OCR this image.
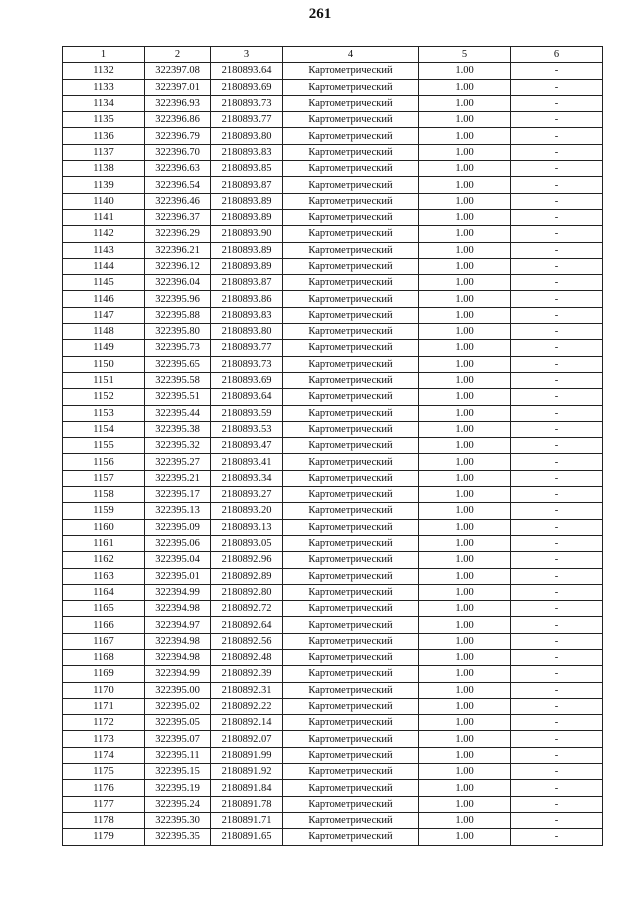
261
1	2	3	4	5	6
1132	322397.08	2180893.64	Картометрический	1.00	-
1133	322397.01	2180893.69	Картометрический	1.00	-
1134	322396.93	2180893.73	Картометрический	1.00	-
1135	322396.86	2180893.77	Картометрический	1.00	-
1136	322396.79	2180893.80	Картометрический	1.00	-
1137	322396.70	2180893.83	Картометрический	1.00	-
1138	322396.63	2180893.85	Картометрический	1.00	-
1139	322396.54	2180893.87	Картометрический	1.00	-
1140	322396.46	2180893.89	Картометрический	1.00	-
1141	322396.37	2180893.89	Картометрический	1.00	-
1142	322396.29	2180893.90	Картометрический	1.00	-
1143	322396.21	2180893.89	Картометрический	1.00	-
1144	322396.12	2180893.89	Картометрический	1.00	-
1145	322396.04	2180893.87	Картометрический	1.00	-
1146	322395.96	2180893.86	Картометрический	1.00	-
1147	322395.88	2180893.83	Картометрический	1.00	-
1148	322395.80	2180893.80	Картометрический	1.00	-
1149	322395.73	2180893.77	Картометрический	1.00	-
1150	322395.65	2180893.73	Картометрический	1.00	-
1151	322395.58	2180893.69	Картометрический	1.00	-
1152	322395.51	2180893.64	Картометрический	1.00	-
1153	322395.44	2180893.59	Картометрический	1.00	-
1154	322395.38	2180893.53	Картометрический	1.00	-
1155	322395.32	2180893.47	Картометрический	1.00	-
1156	322395.27	2180893.41	Картометрический	1.00	-
1157	322395.21	2180893.34	Картометрический	1.00	-
1158	322395.17	2180893.27	Картометрический	1.00	-
1159	322395.13	2180893.20	Картометрический	1.00	-
1160	322395.09	2180893.13	Картометрический	1.00	-
1161	322395.06	2180893.05	Картометрический	1.00	-
1162	322395.04	2180892.96	Картометрический	1.00	-
1163	322395.01	2180892.89	Картометрический	1.00	-
1164	322394.99	2180892.80	Картометрический	1.00	-
1165	322394.98	2180892.72	Картометрический	1.00	-
1166	322394.97	2180892.64	Картометрический	1.00	-
1167	322394.98	2180892.56	Картометрический	1.00	-
1168	322394.98	2180892.48	Картометрический	1.00	-
1169	322394.99	2180892.39	Картометрический	1.00	-
1170	322395.00	2180892.31	Картометрический	1.00	-
1171	322395.02	2180892.22	Картометрический	1.00	-
1172	322395.05	2180892.14	Картометрический	1.00	-
1173	322395.07	2180892.07	Картометрический	1.00	-
1174	322395.11	2180891.99	Картометрический	1.00	-
1175	322395.15	2180891.92	Картометрический	1.00	-
1176	322395.19	2180891.84	Картометрический	1.00	-
1177	322395.24	2180891.78	Картометрический	1.00	-
1178	322395.30	2180891.71	Картометрический	1.00	-
1179	322395.35	2180891.65	Картометрический	1.00	-
